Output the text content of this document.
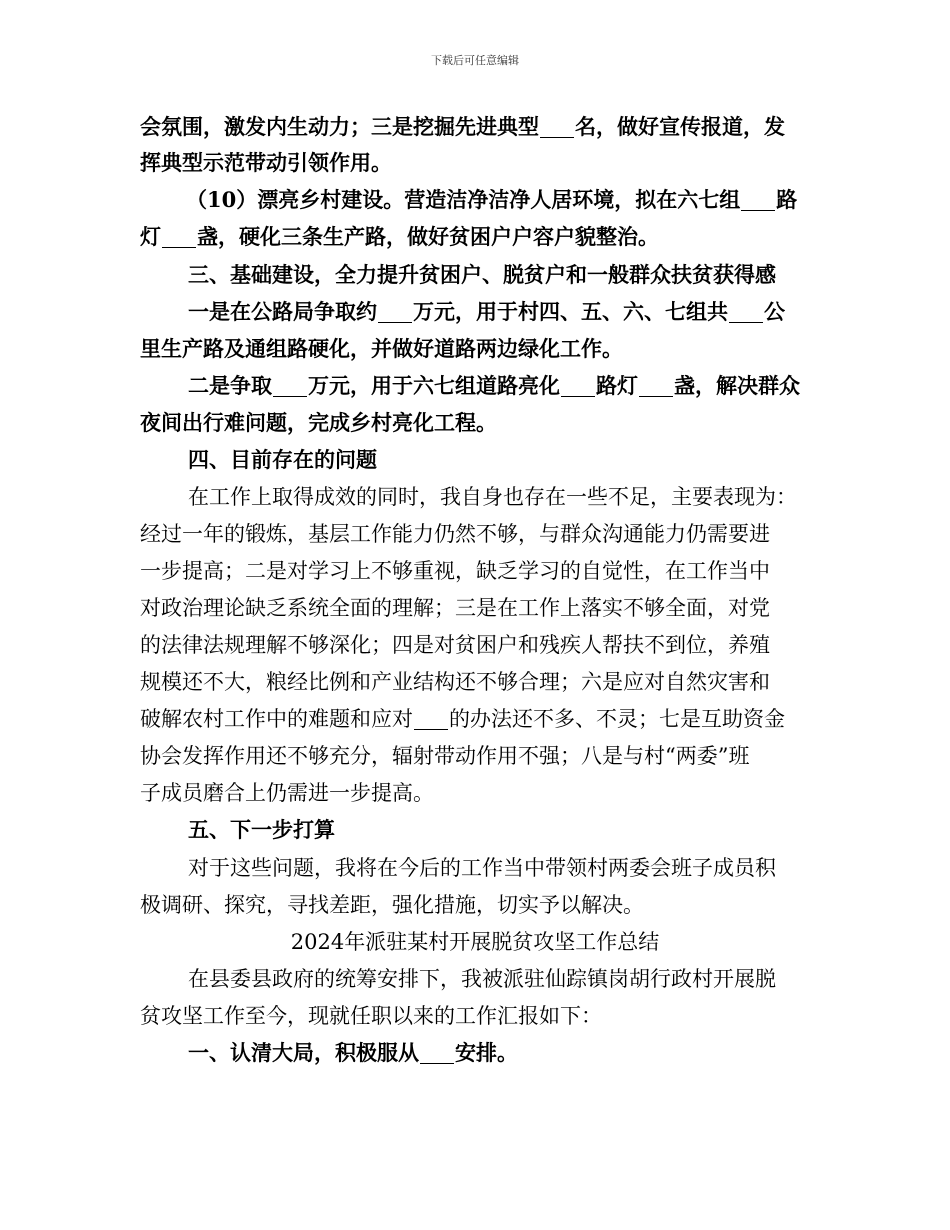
下载后可任意编辑
会氛围，激发内生动力；三是挖掘先进典型 名，做好宣传报道，发
挥典型示范带动引领作用。
（10）漂亮乡村建设。营造洁净洁净人居环境，拟在六七组 路
灯 盏，硬化三条生产路，做好贫困户户容户貌整治。
三、基础建设，全力提升贫困户、脱贫户和一般群众扶贫获得感
一是在公路局争取约 万元，用于村四、五、六、七组共 公
里生产路及通组路硬化，并做好道路两边绿化工作。
二是争取 万元，用于六七组道路亮化 路灯 盏，解决群众
夜间出行难问题，完成乡村亮化工程。
四、目前存在的问题
在工作上取得成效的同时，我自身也存在一些不足，主要表现为：
经过一年的锻炼，基层工作能力仍然不够，与群众沟通能力仍需要进
一步提高；二是对学习上不够重视，缺乏学习的自觉性，在工作当中
对政治理论缺乏系统全面的理解；三是在工作上落实不够全面，对党
的法律法规理解不够深化；四是对贫困户和残疾人帮扶不到位，养殖
规模还不大，粮经比例和产业结构还不够合理；六是应对自然灾害和
破解农村工作中的难题和应对 的办法还不多、不灵；七是互助资金
协会发挥作用还不够充分，辐射带动作用不强；八是与村“两委”班
子成员磨合上仍需进一步提高。
五、下一步打算
对于这些问题，我将在今后的工作当中带领村两委会班子成员积
极调研、探究，寻找差距，强化措施，切实予以解决。
2024年派驻某村开展脱贫攻坚工作总结
在县委县政府的统筹安排下，我被派驻仙踪镇岗胡行政村开展脱
贫攻坚工作至今，现就任职以来的工作汇报如下：
一、认清大局，积极服从 安排。
